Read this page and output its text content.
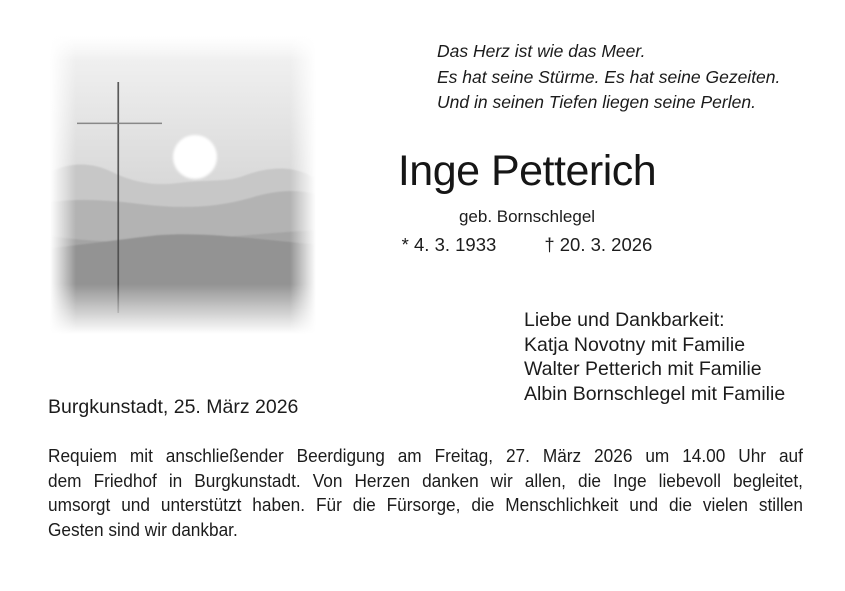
Das Herz ist wie das Meer.
Es hat seine Stürme. Es hat seine Gezeiten.
Und in seinen Tiefen liegen seine Perlen.
Inge Petterich
geb. Bornschlegel
* 4. 3. 1933	† 20. 3. 2026
Liebe und Dankbarkeit:
Katja Novotny mit Familie
Walter Petterich mit Familie
Albin Bornschlegel mit Familie
Burgkunstadt, 25. März 2026
Requiem mit anschließender Beerdigung am Freitag, 27. März 2026 um 14.00 Uhr auf
dem Friedhof in Burgkunstadt. Von Herzen danken wir allen, die Inge liebevoll begleitet,
umsorgt und unterstützt haben. Für die Fürsorge, die Menschlichkeit und die vielen stillen
Gesten sind wir dankbar.
